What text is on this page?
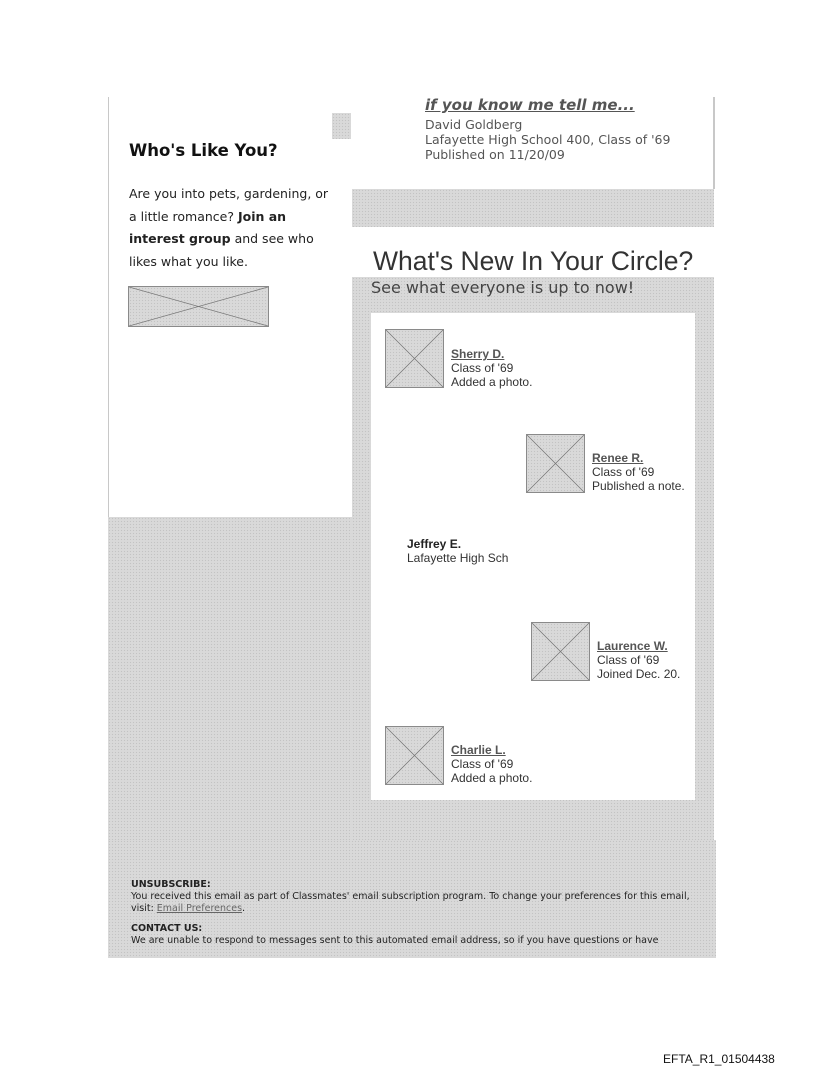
if you know me tell me...
David Goldberg
Lafayette High School 400, Class of '69
Published on 11/20/09
Who's Like You?
Are you into pets, gardening, or a little romance? Join an interest group and see who likes what you like.	What's New In Your Circle?
See what everyone is up to now!
Sherry D.
Class of '69
Added a photo.
Renee R.
Class of '69
Published a note.
Jeffrey E.
Lafayette High Sch
Laurence W.
Class of '69
Joined Dec. 20.
Charlie L.
Class of '69
Added a photo.
UNSUBSCRIBE:
You received this email as part of Classmates' email subscription program. To change your preferences for this email, visit: Email Preferences.
CONTACT US:
We are unable to respond to messages sent to this automated email address, so if you have questions or have
EFTA_R1_01504438
